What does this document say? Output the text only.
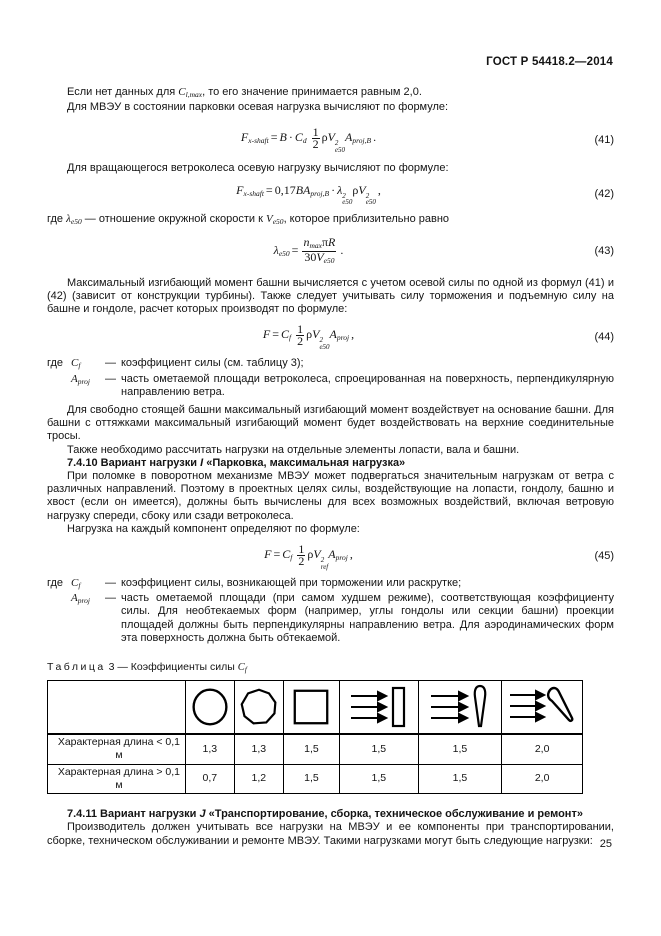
ГОСТ Р 54418.2—2014

Если нет данных для Cl,max, то его значение принимается равным 2,0.

Для МВЭУ в состоянии парковки осевая нагрузка вычисляют по формуле:

Fx-shaft = B · Cd $\frac{1}{2}$ ρV 2
e50
Aproj,B .	(41)

Для вращающегося ветроколеса осевую нагрузку вычисляют по формуле:

Fx-shaft = 0,17BAproj,B · λ 2
e50
ρV 2
e50
,	(42)

где λe50 — отношение окружной скорости к Ve50, которое приблизительно равно

$\lambda e50 = \frac{nmax\pi R}{30Ve50}$ .	(43)

Максимальный изгибающий момент башни вычисляется с учетом осевой силы по одной из формул (41) и (42) (зависит от конструкции турбины). Также следует учитывать силу торможения и подъемную силу на башне и гондоле, расчет которых производят по формуле:

F = Cf $\frac{1}{2}$ ρV 2
e50
Aproj ,	(44)
где Cf	— коэффициент силы (см. таблицу 3);
Aproj	— часть ометаемой площади ветроколеса, спроецированная на поверхность, перпендикулярную направлению ветра.

Для свободно стоящей башни максимальный изгибающий момент воздействует на основание башни. Для башни с оттяжками максимальный изгибающий момент будет воздействовать на верхние соединительные тросы.

Также необходимо рассчитать нагрузки на отдельные элементы лопасти, вала и башни.

7.4.10 Вариант нагрузки I «Парковка, максимальная нагрузка»

При поломке в поворотном механизме МВЭУ может подвергаться значительным нагрузкам от ветра с различных направлений. Поэтому в проектных целях силы, воздействующие на лопасти, гондолу, башню и хвост (если он имеется), должны быть вычислены для всех возможных воздействий, включая ветровую нагрузку спереди, сбоку или сзади ветроколеса.

Нагрузка на каждый компонент определяют по формуле:

F = Cf $\frac{1}{2}$ ρV 2
ref
Aproj ,	(45)
где Cf	— коэффициент силы, возникающей при торможении или раскрутке;
Aproj	— часть ометаемой площади (при самом худшем режиме), соответствующая коэффициенту силы. Для необтекаемых форм (например, углы гондолы или секции башни) проекции площадей должны быть перпендикулярны направлению ветра. Для аэродинамических форм эта поверхность должна быть обтекаемой.
Таблица 3 — Коэффициенты силы Cf

Характерная длина < 0,1 м	1,3	1,3	1,5	1,5	1,5	2,0
Характерная длина > 0,1 м	0,7	1,2	1,5	1,5	1,5	2,0

7.4.11 Вариант нагрузки J «Транспортирование, сборка, техническое обслуживание и ремонт»

Производитель должен учитывать все нагрузки на МВЭУ и ее компоненты при транспортировании, сборке, техническом обслуживании и ремонте МВЭУ. Такими нагрузками могут быть следующие нагрузки: 25
